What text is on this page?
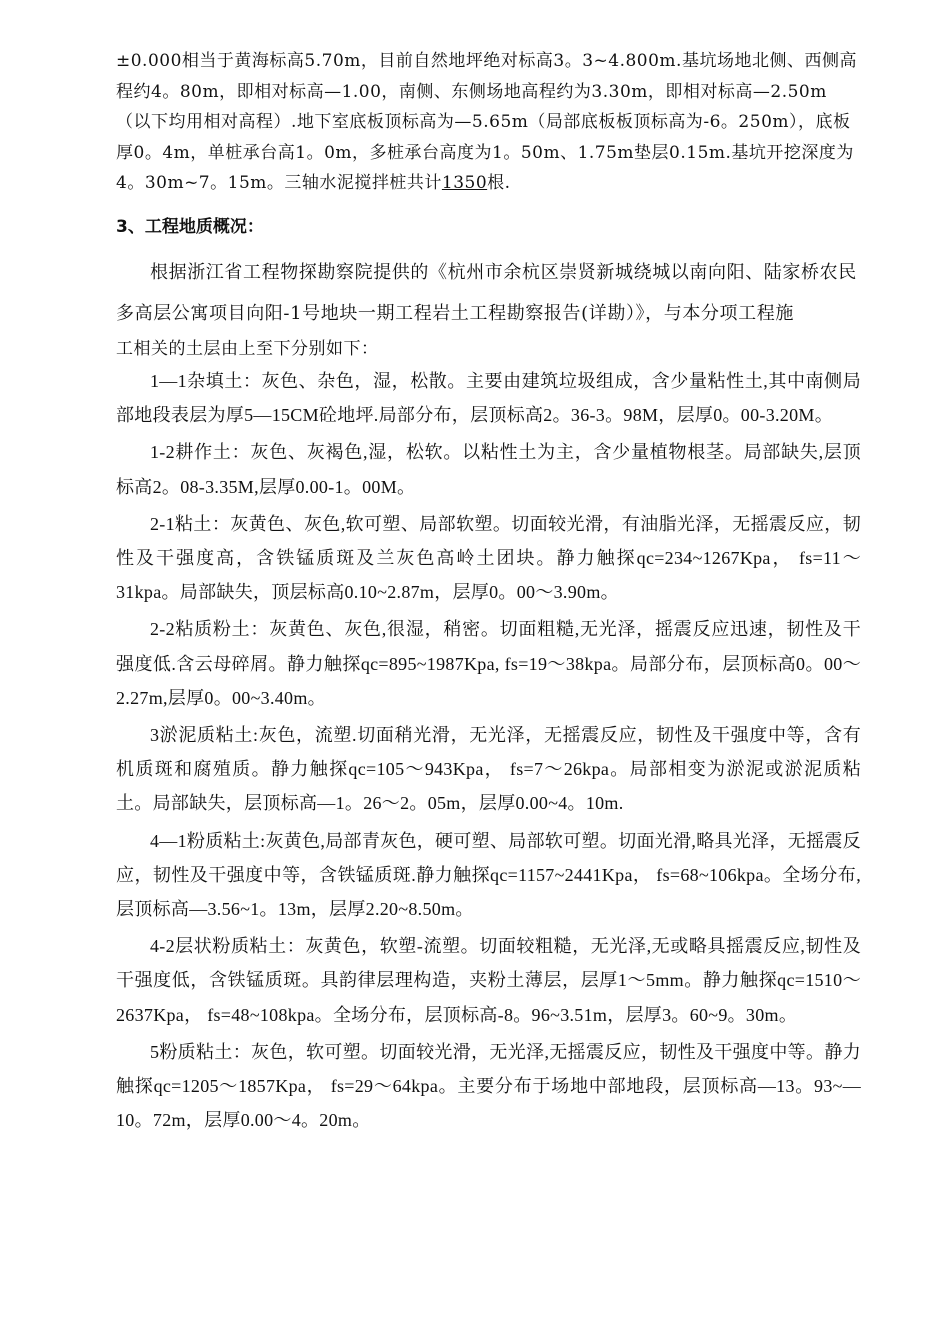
±0.000相当于黄海标高5.70m，目前自然地坪绝对标高3。3~4.800m.基坑场地北侧、西侧高程约4。80m，即相对标高—1.00，南侧、东侧场地高程约为3.30m，即相对标高—2.50m（以下均用相对高程）.地下室底板顶标高为—5.65m（局部底板板顶标高为-6。250m），底板厚0。4m，单桩承台高1。0m，多桩承台高度为1。50m、1.75m垫层0.15m.基坑开挖深度为4。30m~7。15m。三轴水泥搅拌桩共计1350根.

3、工程地质概况：

根据浙江省工程物探勘察院提供的《杭州市余杭区崇贤新城绕城以南向阳、陆家桥农民多高层公寓项目向阳-1号地块一期工程岩土工程勘察报告(详勘）》，与本分项工程施

工相关的土层由上至下分别如下：

1—1杂填土：灰色、杂色，湿，松散。主要由建筑垃圾组成，含少量粘性土,其中南侧局部地段表层为厚5—15CM砼地坪.局部分布，层顶标高2。36-3。98M，层厚0。00-3.20M。

1-2耕作土：灰色、灰褐色,湿，松软。以粘性土为主，含少量植物根茎。局部缺失,层顶标高2。08-3.35M,层厚0.00-1。00M。

2-1粘土：灰黄色、灰色,软可塑、局部软塑。切面较光滑，有油脂光泽，无摇震反应，韧性及干强度高，含铁锰质斑及兰灰色高岭土团块。静力触探qc=234~1267Kpa， fs=11～31kpa。局部缺失，顶层标高0.10~2.87m，层厚0。00～3.90m。

2-2粘质粉土：灰黄色、灰色,很湿，稍密。切面粗糙,无光泽，摇震反应迅速，韧性及干强度低.含云母碎屑。静力触探qc=895~1987Kpa, fs=19～38kpa。局部分布，层顶标高0。00～2.27m,层厚0。00~3.40m。

3淤泥质粘土:灰色，流塑.切面稍光滑，无光泽，无摇震反应，韧性及干强度中等，含有机质斑和腐殖质。静力触探qc=105～943Kpa， fs=7～26kpa。局部相变为淤泥或淤泥质粘土。局部缺失，层顶标高—1。26～2。05m，层厚0.00~4。10m.

4—1粉质粘土:灰黄色,局部青灰色，硬可塑、局部软可塑。切面光滑,略具光泽，无摇震反应，韧性及干强度中等，含铁锰质斑.静力触探qc=1157~2441Kpa， fs=68~106kpa。全场分布,层顶标高—3.56~1。13m，层厚2.20~8.50m。

4-2层状粉质粘土：灰黄色，软塑-流塑。切面较粗糙，无光泽,无或略具摇震反应,韧性及干强度低，含铁锰质斑。具韵律层理构造，夹粉土薄层，层厚1～5mm。静力触探qc=1510～2637Kpa， fs=48~108kpa。全场分布，层顶标高-8。96~3.51m，层厚3。60~9。30m。

5粉质粘土：灰色，软可塑。切面较光滑，无光泽,无摇震反应，韧性及干强度中等。静力触探qc=1205～1857Kpa， fs=29～64kpa。主要分布于场地中部地段，层顶标高—13。93~—10。72m，层厚0.00～4。20m。
